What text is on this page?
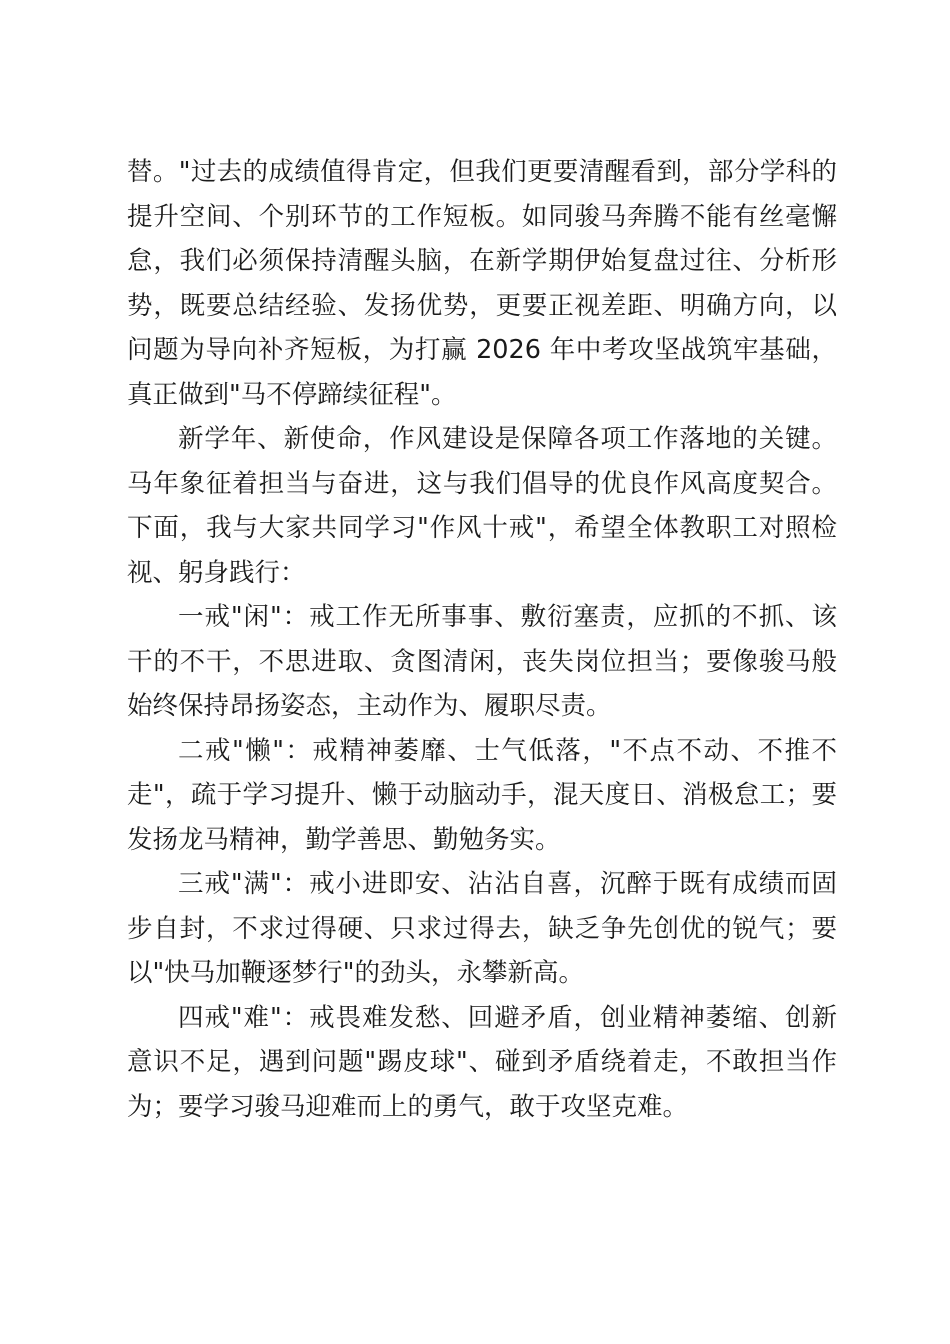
替。"过去的成绩值得肯定，但我们更要清醒看到，部分学科的提升空间、个别环节的工作短板。如同骏马奔腾不能有丝毫懈怠，我们必须保持清醒头脑，在新学期伊始复盘过往、分析形势，既要总结经验、发扬优势，更要正视差距、明确方向，以问题为导向补齐短板，为打赢 2026 年中考攻坚战筑牢基础，真正做到"马不停蹄续征程"。

新学年、新使命，作风建设是保障各项工作落地的关键。马年象征着担当与奋进，这与我们倡导的优良作风高度契合。下面，我与大家共同学习"作风十戒"，希望全体教职工对照检视、躬身践行：

一戒"闲"：戒工作无所事事、敷衍塞责，应抓的不抓、该干的不干，不思进取、贪图清闲，丧失岗位担当；要像骏马般始终保持昂扬姿态，主动作为、履职尽责。

二戒"懒"：戒精神萎靡、士气低落，"不点不动、不推不走"，疏于学习提升、懒于动脑动手，混天度日、消极怠工；要发扬龙马精神，勤学善思、勤勉务实。

三戒"满"：戒小进即安、沾沾自喜，沉醉于既有成绩而固步自封，不求过得硬、只求过得去，缺乏争先创优的锐气；要以"快马加鞭逐梦行"的劲头，永攀新高。

四戒"难"：戒畏难发愁、回避矛盾，创业精神萎缩、创新意识不足，遇到问题"踢皮球"、碰到矛盾绕着走，不敢担当作为；要学习骏马迎难而上的勇气，敢于攻坚克难。
